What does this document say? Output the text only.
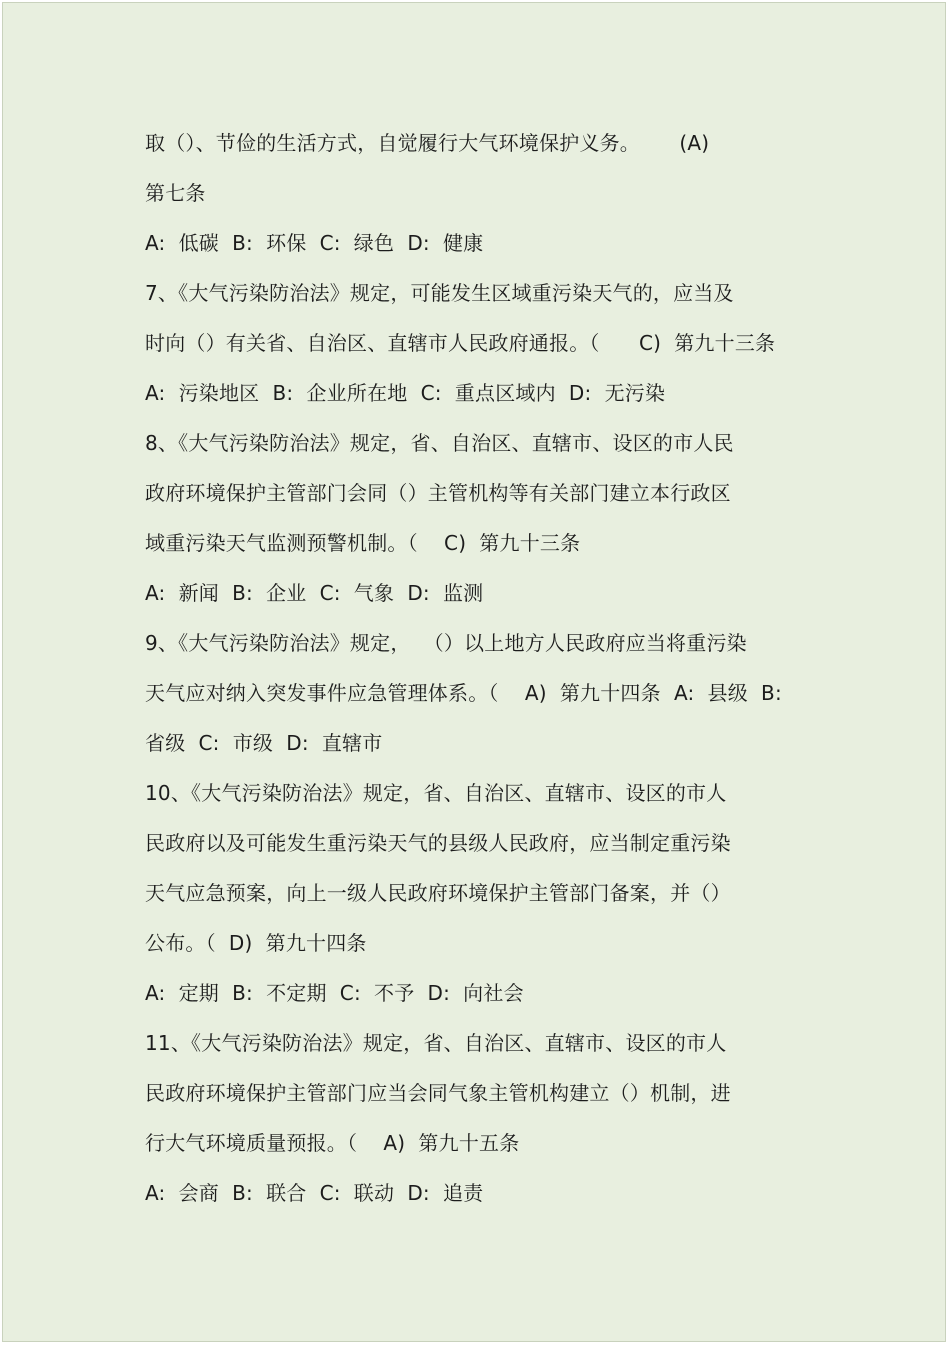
取（）、节俭的生活方式，自觉履行大气环境保护义务。      (A)
第七条
A:  低碳  B:  环保  C:  绿色  D:  健康
7、《大气污染防治法》规定，可能发生区域重污染天气的，应当及
时向（）有关省、自治区、直辖市人民政府通报。（      C)  第九十三条
A:  污染地区  B:  企业所在地  C:  重点区域内  D:  无污染
8、《大气污染防治法》规定，省、自治区、直辖市、设区的市人民
政府环境保护主管部门会同（）主管机构等有关部门建立本行政区
域重污染天气监测预警机制。（    C)  第九十三条
A:  新闻  B:  企业  C:  气象  D:  监测
9、《大气污染防治法》规定，  （）以上地方人民政府应当将重污染
天气应对纳入突发事件应急管理体系。（    A)  第九十四条  A:  县级  B:
省级  C:  市级  D:  直辖市
10、《大气污染防治法》规定，省、自治区、直辖市、设区的市人
民政府以及可能发生重污染天气的县级人民政府，应当制定重污染
天气应急预案，向上一级人民政府环境保护主管部门备案，并（）
公布。（  D)  第九十四条
A:  定期  B:  不定期  C:  不予  D:  向社会
11、《大气污染防治法》规定，省、自治区、直辖市、设区的市人
民政府环境保护主管部门应当会同气象主管机构建立（）机制，进
行大气环境质量预报。（    A)  第九十五条
A:  会商  B:  联合  C:  联动  D:  追责
